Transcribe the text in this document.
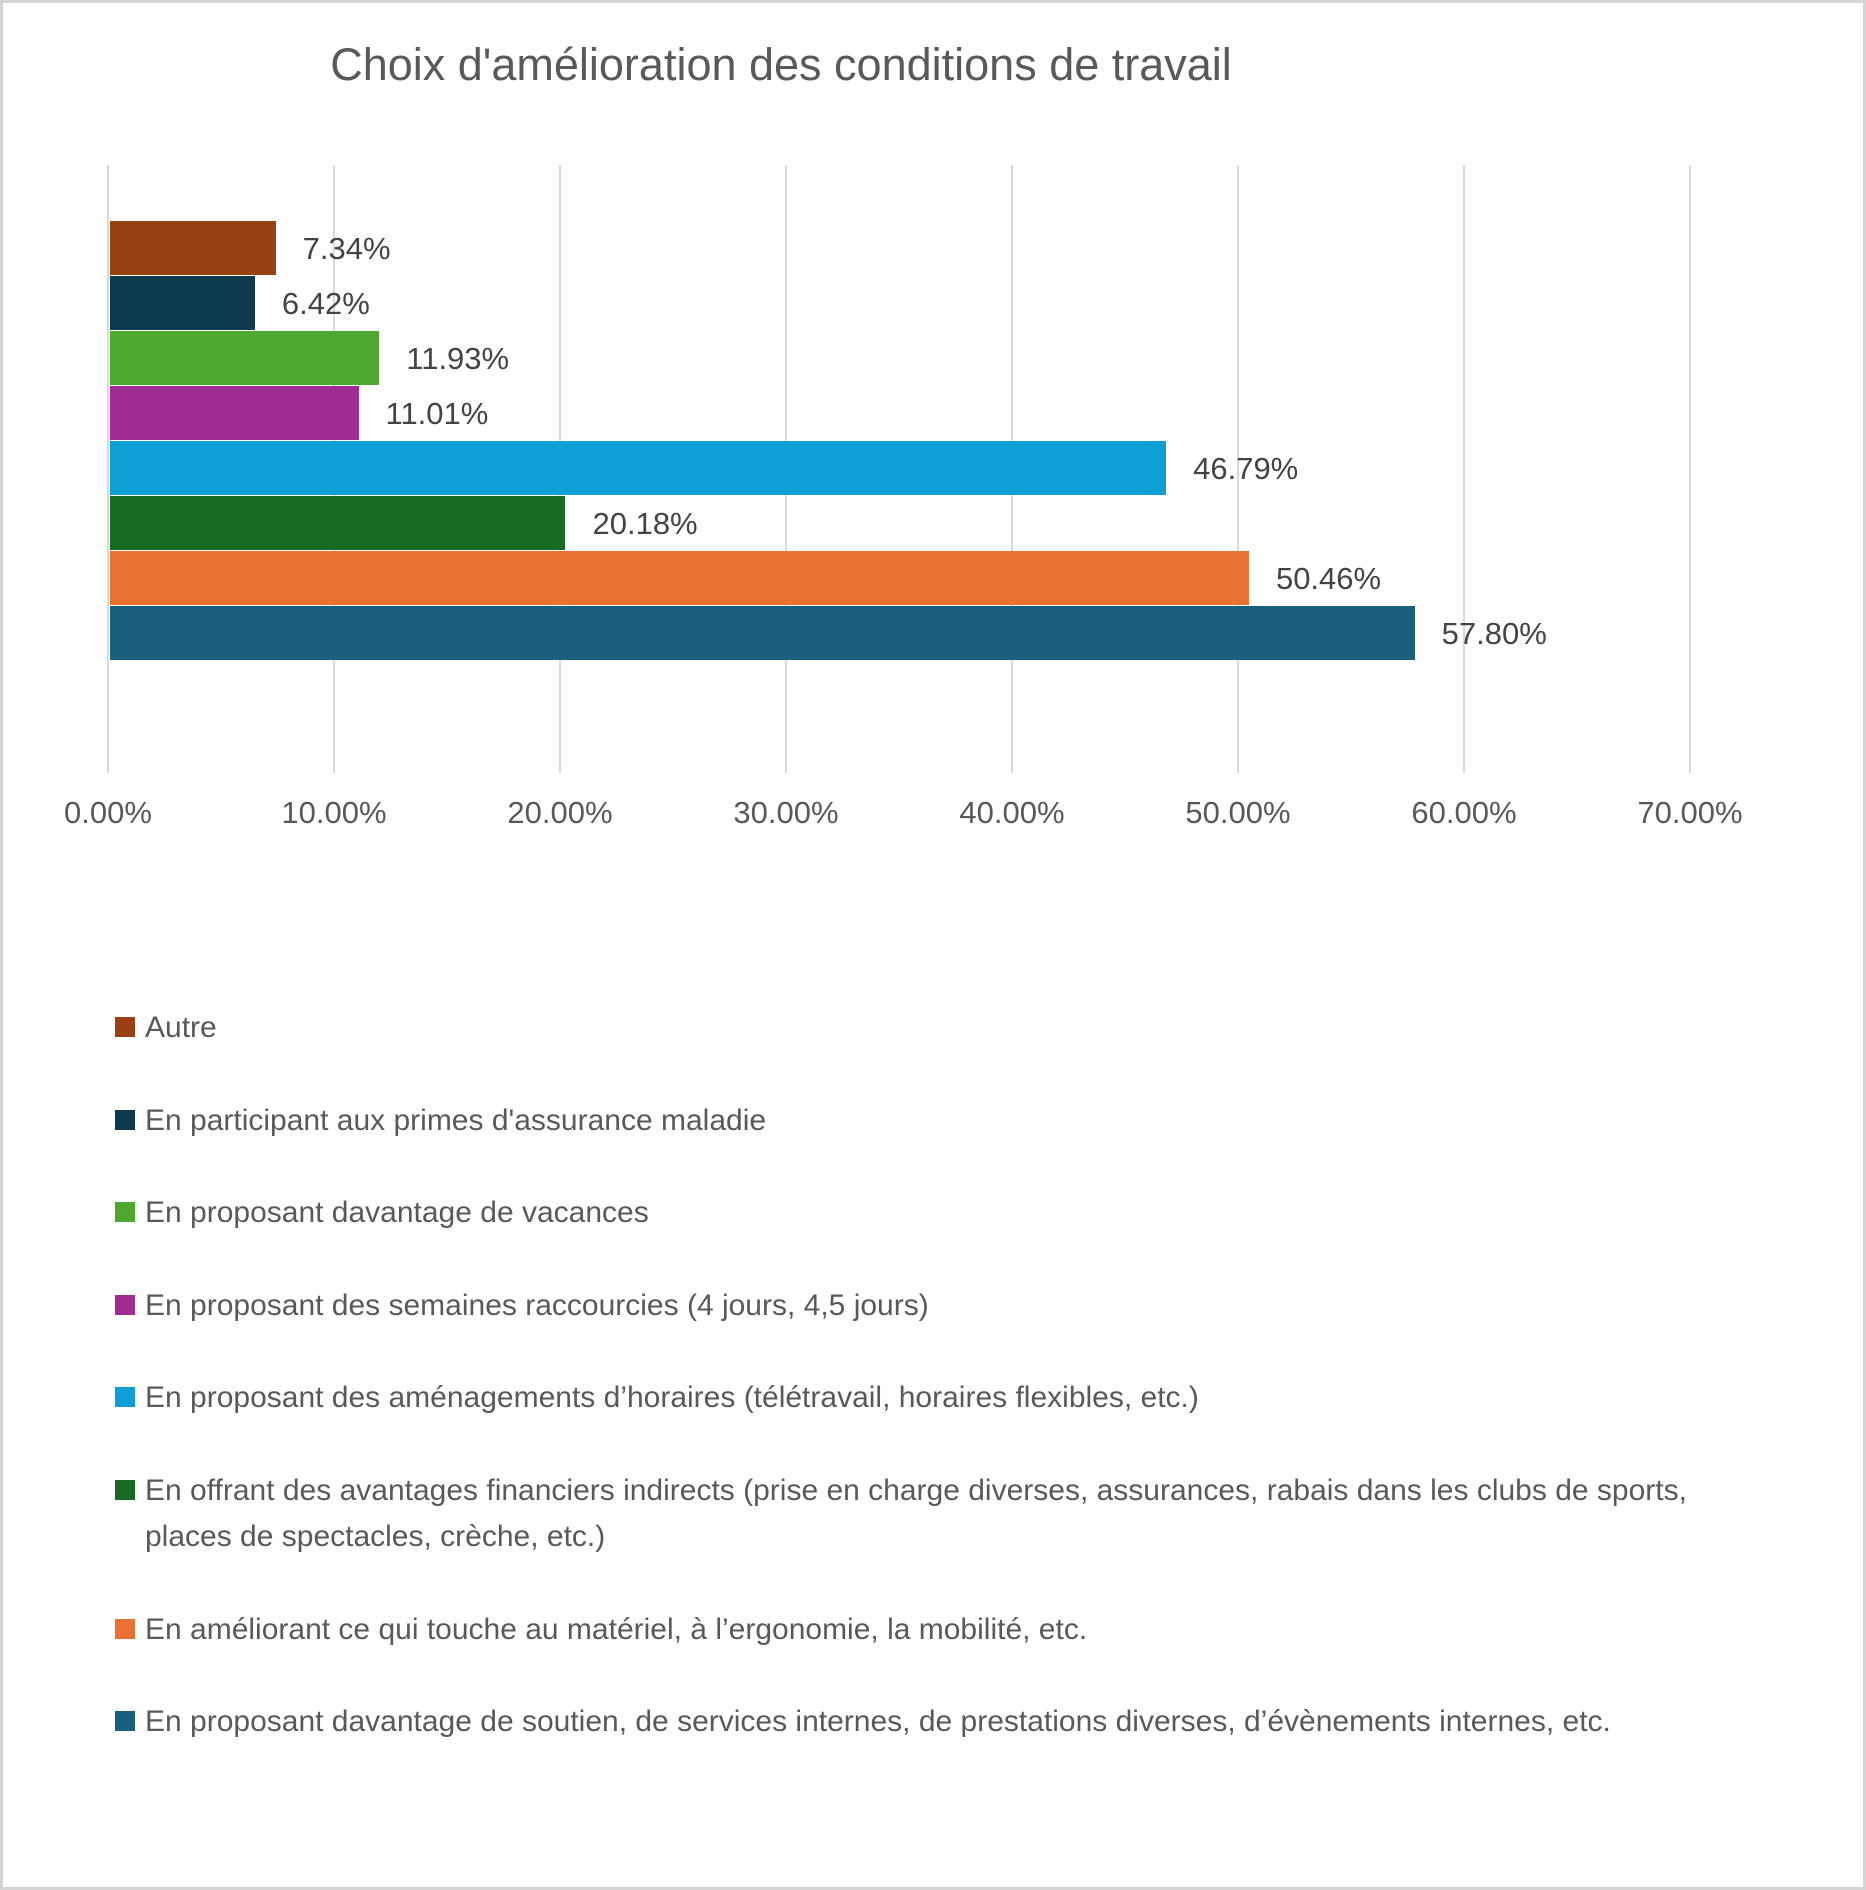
Choix d'amélioration des conditions de travail
7.34%
6.42%
11.93%
11.01%
46.79%
20.18%
50.46%
57.80%
0.00%	10.00%	20.00%	30.00%	40.00%	50.00%	60.00%	70.00%
Autre
En participant aux primes d'assurance maladie
En proposant davantage de vacances
En proposant des semaines raccourcies (4 jours, 4,5 jours)
En proposant des aménagements d’horaires (télétravail, horaires flexibles, etc.)
En offrant des avantages financiers indirects (prise en charge diverses, assurances, rabais dans les clubs de sports, places de spectacles, crèche, etc.)
En améliorant ce qui touche au matériel, à l’ergonomie, la mobilité, etc.
En proposant davantage de soutien, de services internes, de prestations diverses, d’évènements internes, etc.
